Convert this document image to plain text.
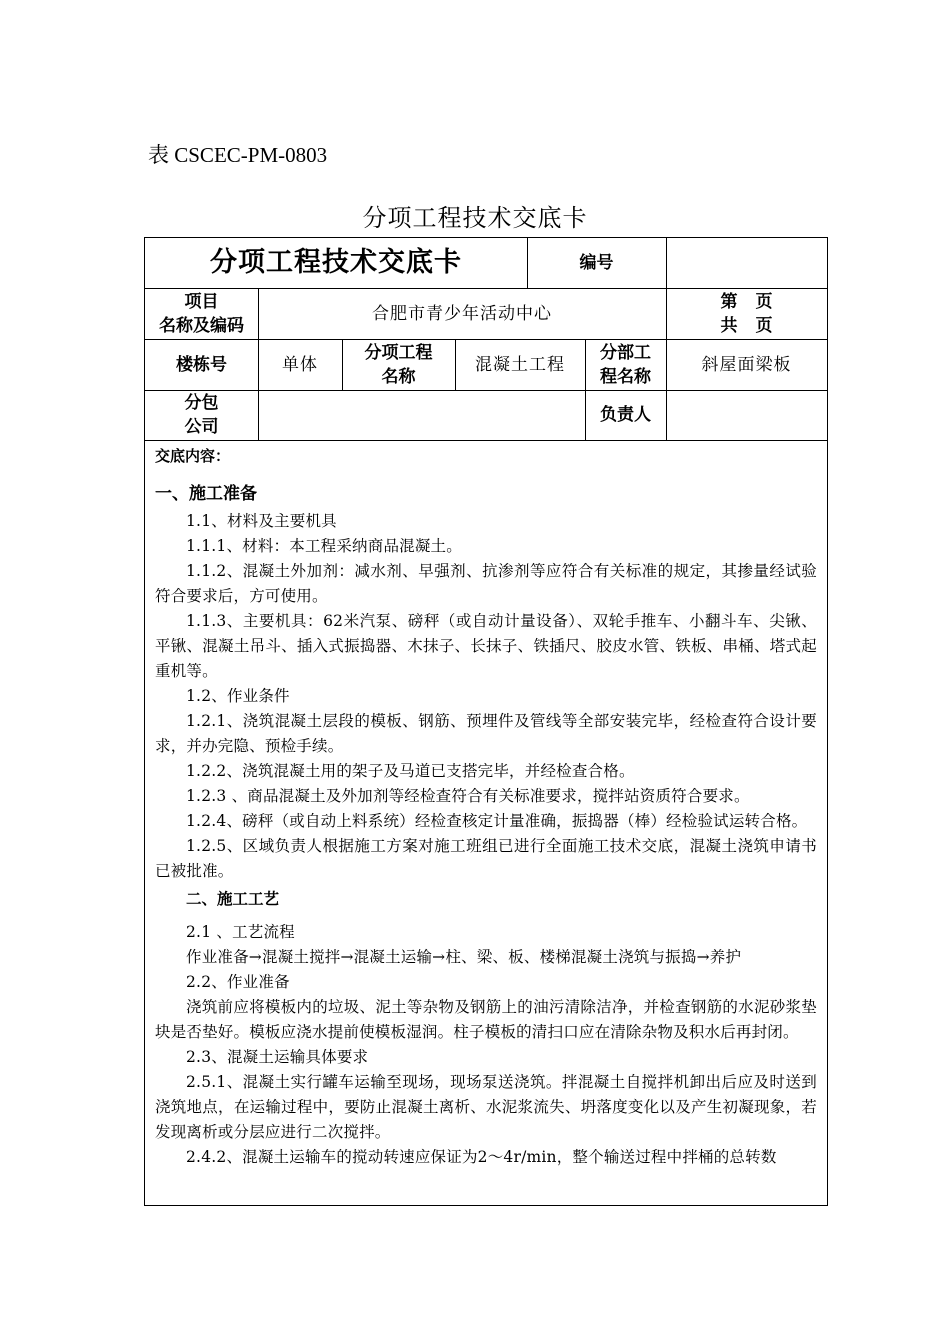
表 CSCEC-PM-0803
分项工程技术交底卡
分项工程技术交底卡	编号
项目
名称及编码
合肥市青少年活动中心
第页
共页
楼栋号	单体
分项工程
名称
混凝土工程
分部工
程名称
斜屋面梁板
分包
公司
负责人
交底内容：
一、施工准备

1.1、材料及主要机具

1.1.1、材料：本工程采纳商品混凝土。

1.1.2、混凝土外加剂：减水剂、早强剂、抗渗剂等应符合有关标准的规定，其掺量经试验符合要求后，方可使用。

1.1.3、主要机具：62米汽泵、磅秤（或自动计量设备）、双轮手推车、小翻斗车、尖锹、平锹、混凝土吊斗、插入式振捣器、木抹子、长抹子、铁插尺、胶皮水管、铁板、串桶、塔式起重机等。

1.2、作业条件

1.2.1、浇筑混凝土层段的模板、钢筋、预埋件及管线等全部安装完毕，经检查符合设计要求，并办完隐、预检手续。

1.2.2、浇筑混凝土用的架子及马道已支搭完毕，并经检查合格。

1.2.3 、商品混凝土及外加剂等经检查符合有关标准要求，搅拌站资质符合要求。

1.2.4、磅秤（或自动上料系统）经检查核定计量准确，振捣器（棒）经检验试运转合格。

1.2.5、区域负责人根据施工方案对施工班组已进行全面施工技术交底，混凝土浇筑申请书已被批准。

二、施工工艺

2.1 、工艺流程

作业准备→混凝土搅拌→混凝土运输→柱、梁、板、楼梯混凝土浇筑与振捣→养护

2.2、作业准备

浇筑前应将模板内的垃圾、泥土等杂物及钢筋上的油污清除洁净，并检查钢筋的水泥砂浆垫块是否垫好。模板应浇水提前使模板湿润。柱子模板的清扫口应在清除杂物及积水后再封闭。

2.3、混凝土运输具体要求

2.5.1、混凝土实行罐车运输至现场，现场泵送浇筑。拌混凝土自搅拌机卸出后应及时送到浇筑地点，在运输过程中，要防止混凝土离析、水泥浆流失、坍落度变化以及产生初凝现象，若发现离析或分层应进行二次搅拌。

2.4.2、混凝土运输车的搅动转速应保证为2～4r/min，整个输送过程中拌桶的总转数
